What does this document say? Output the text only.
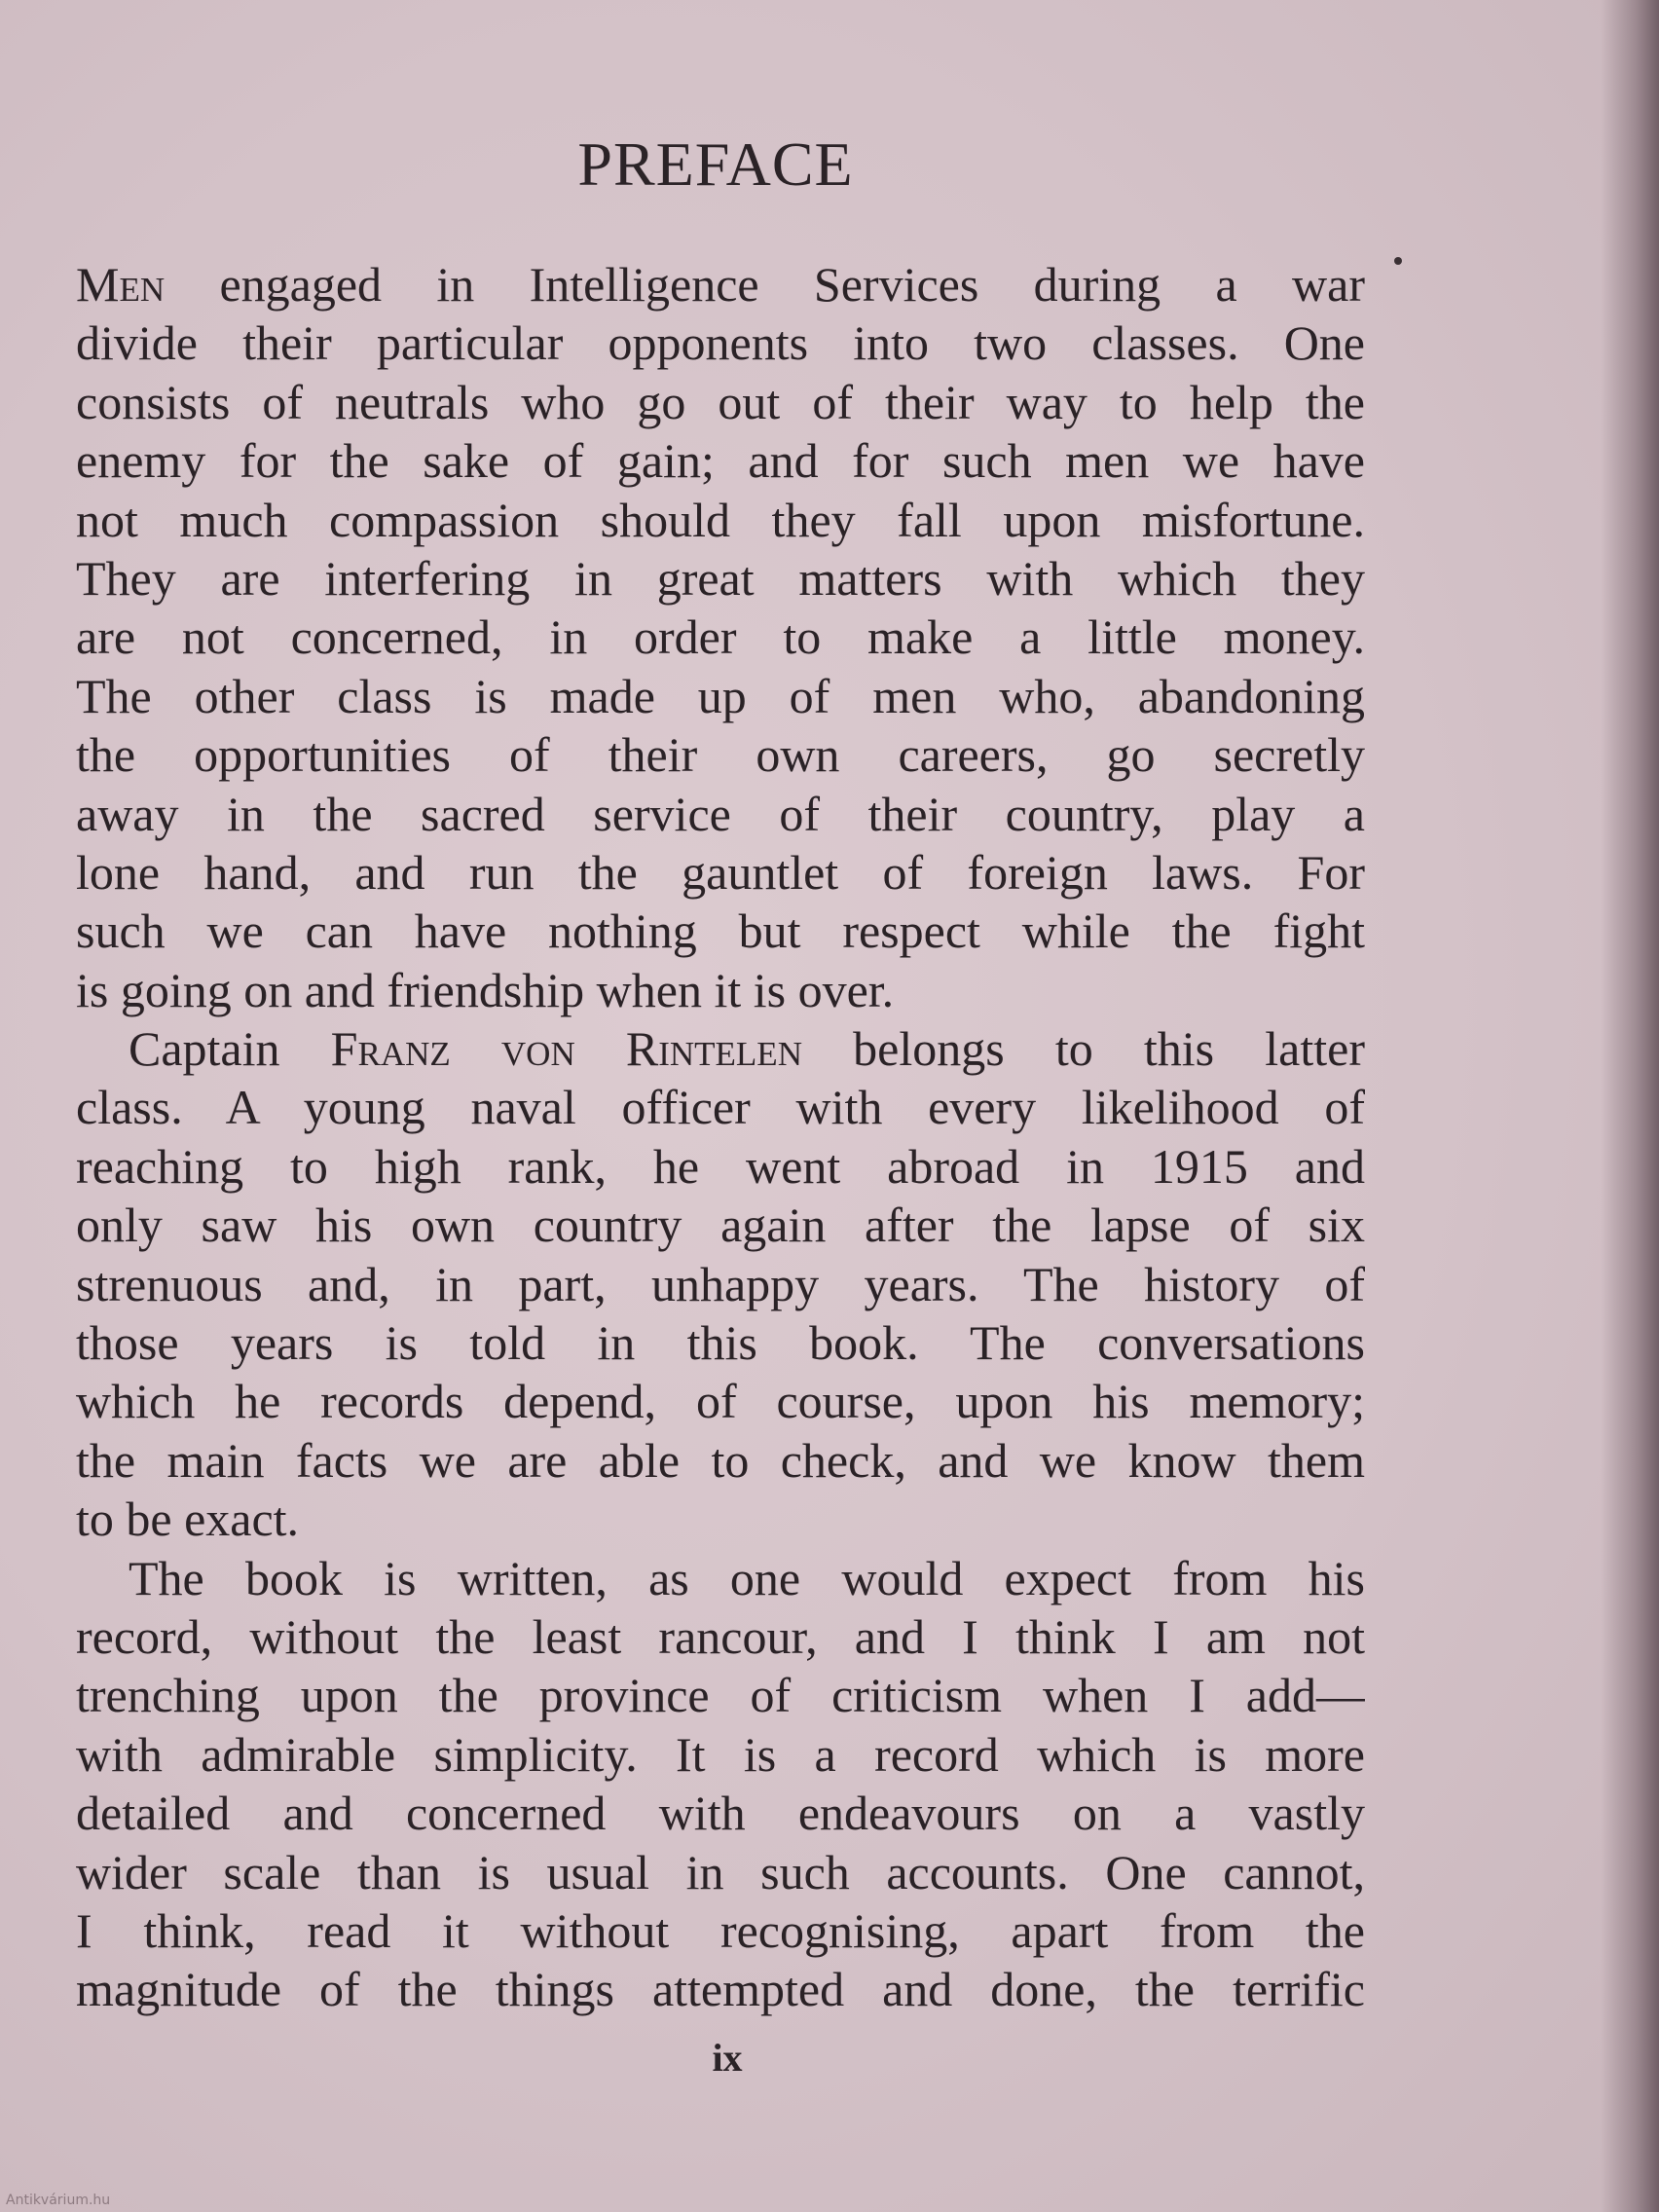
PREFACE
Men engaged in Intelligence Services during a war
divide their particular opponents into two classes. One
consists of neutrals who go out of their way to help the
enemy for the sake of gain; and for such men we have
not much compassion should they fall upon misfortune.
They are interfering in great matters with which they
are not concerned, in order to make a little money.
The other class is made up of men who, abandoning
the opportunities of their own careers, go secretly
away in the sacred service of their country, play a
lone hand, and run the gauntlet of foreign laws. For
such we can have nothing but respect while the fight
is going on and friendship when it is over.
Captain Franz von Rintelen belongs to this latter
class. A young naval officer with every likelihood of
reaching to high rank, he went abroad in 1915 and
only saw his own country again after the lapse of six
strenuous and, in part, unhappy years. The history of
those years is told in this book. The conversations
which he records depend, of course, upon his memory;
the main facts we are able to check, and we know them
to be exact.
The book is written, as one would expect from his
record, without the least rancour, and I think I am not
trenching upon the province of criticism when I add—
with admirable simplicity. It is a record which is more
detailed and concerned with endeavours on a vastly
wider scale than is usual in such accounts. One cannot,
I think, read it without recognising, apart from the
magnitude of the things attempted and done, the terrific
ix
Antikvárium.hu
